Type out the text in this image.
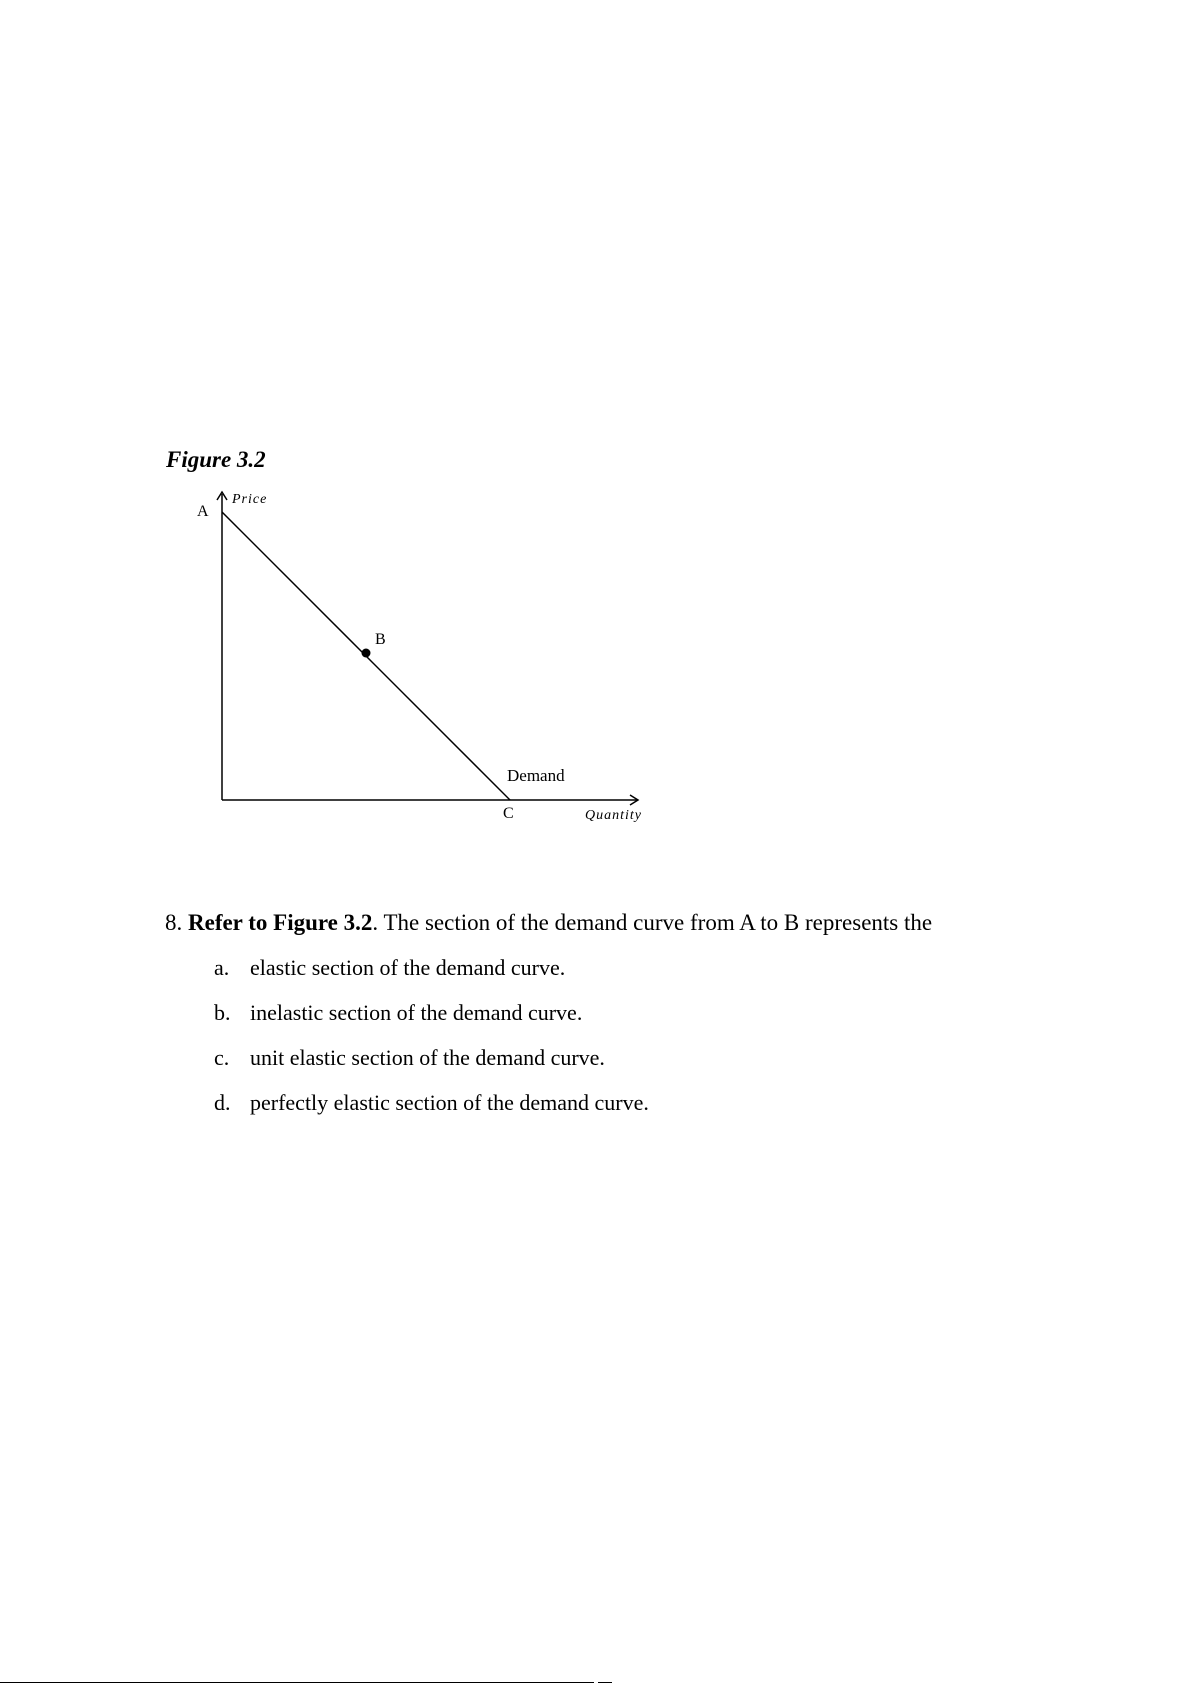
Figure 3.2
A
Price
B
Demand
C	Quantity

8. Refer to Figure 3.2. The section of the demand curve from A to B represents the

a. elastic section of the demand curve.
b. inelastic section of the demand curve.
c. unit elastic section of the demand curve.
d. perfectly elastic section of the demand curve.
